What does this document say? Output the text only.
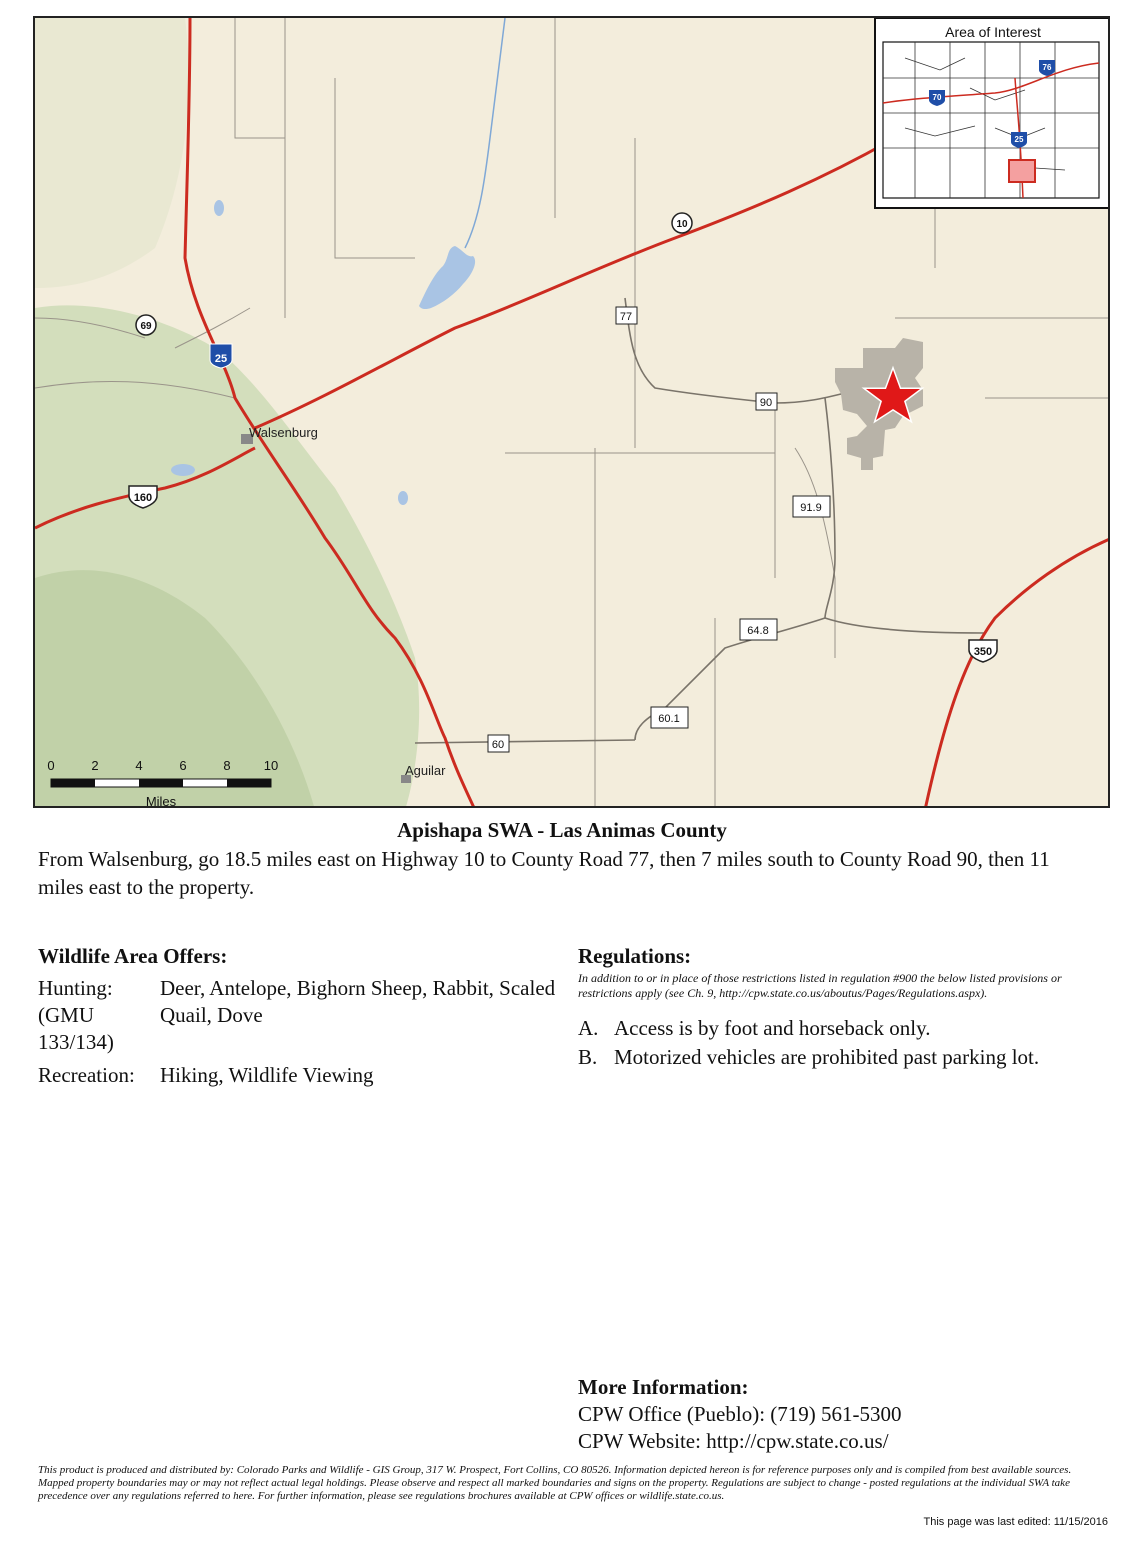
Walsenburg
Aguilar
25
160
350
69
10
77
90
91.9
64.8
60.1
60
0	2	4	6	8	10
Miles
Area of Interest
76
70
25
Apishapa SWA - Las Animas County
From Walsenburg, go 18.5 miles east on Highway 10 to County Road 77, then 7 miles south to County Road 90, then 11 miles east to the property.
Wildlife Area Offers:
Hunting: (GMU 133/134)
Deer, Antelope, Bighorn Sheep, Rabbit, Scaled Quail, Dove
Recreation:	Hiking, Wildlife Viewing
Regulations:
In addition to or in place of those restrictions listed in regulation #900 the below listed provisions or restrictions apply (see Ch. 9, http://cpw.state.co.us/aboutus/Pages/Regulations.aspx).
A. Access is by foot and horseback only.
B. Motorized vehicles are prohibited past parking lot.
More Information:
CPW Office (Pueblo): (719) 561-5300
CPW Website: http://cpw.state.co.us/
This product is produced and distributed by: Colorado Parks and Wildlife - GIS Group, 317 W. Prospect, Fort Collins, CO 80526. Information depicted hereon is for reference purposes only and is compiled from best available sources. Mapped property boundaries may or may not reflect actual legal holdings. Please observe and respect all marked boundaries and signs on the property. Regulations are subject to change - posted regulations at the individual SWA take precedence over any regulations referred to here. For further information, please see regulations brochures available at CPW offices or wildlife.state.co.us.
This page was last edited: 11/15/2016
